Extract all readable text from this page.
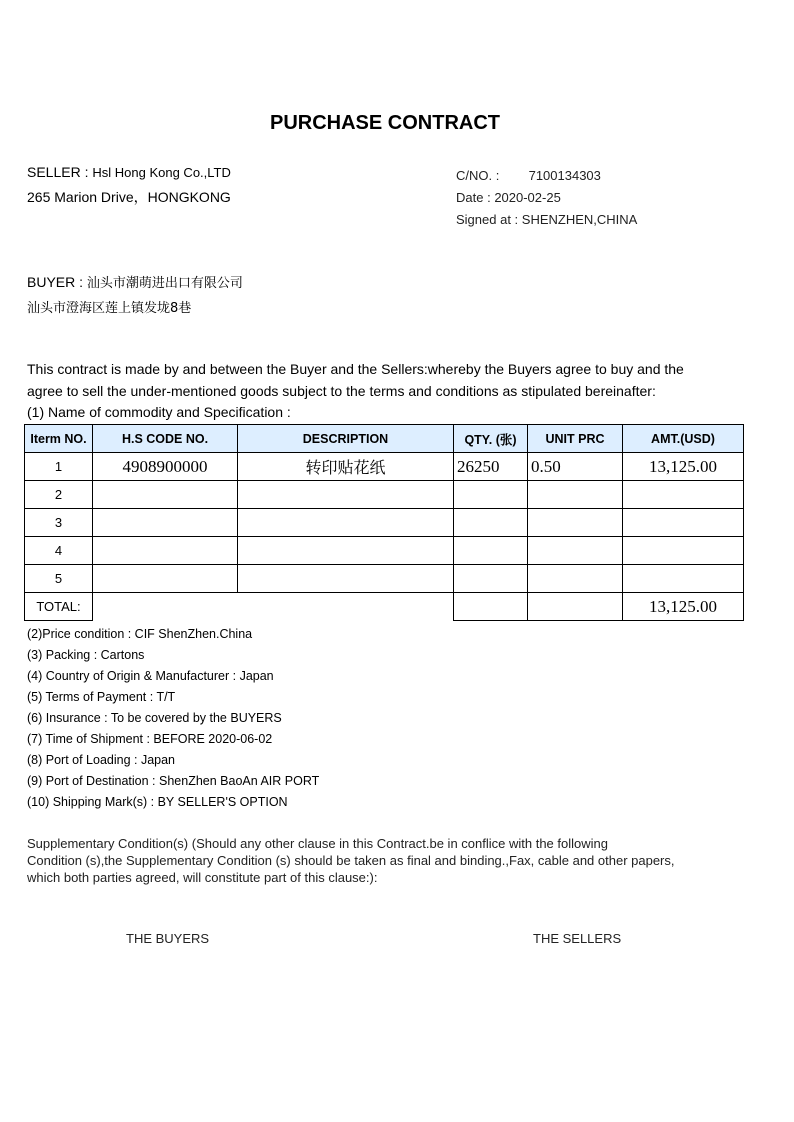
PURCHASE CONTRACT
SELLER : Hsl Hong Kong Co.,LTD
265 Marion Drive，HONGKONG
C/NO. : 7100134303
Date : 2020-02-25
Signed at : SHENZHEN,CHINA
BUYER : 汕头市潮萌进出口有限公司
汕头市澄海区莲上镇发垅8巷
This contract is made by and between the Buyer and the Sellers:whereby the Buyers agree to buy and the
agree to sell the under-mentioned goods subject to the terms and conditions as stipulated bereinafter:
(1) Name of commodity and Specification :
Iterm NO.	H.S CODE NO.	DESCRIPTION	QTY. (张)	UNIT PRC	AMT.(USD)
1	4908900000	转印贴花纸	26250	0.50	13,125.00
2					
3					
4					
5					
TOTAL:					13,125.00
(2)Price condition : CIF ShenZhen.China
(3) Packing : Cartons
(4) Country of Origin & Manufacturer : Japan
(5) Terms of Payment : T/T
(6) Insurance : To be covered by the BUYERS
(7) Time of Shipment : BEFORE 2020-06-02
(8) Port of Loading : Japan
(9) Port of Destination : ShenZhen BaoAn AIR PORT
(10) Shipping Mark(s) : BY SELLER'S OPTION
Supplementary Condition(s) (Should any other clause in this Contract.be in conflice with the following
Condition (s),the Supplementary Condition (s) should be taken as final and binding.,Fax, cable and other papers,
which both parties agreed, will constitute part of this clause:):
THE BUYERS	THE SELLERS
